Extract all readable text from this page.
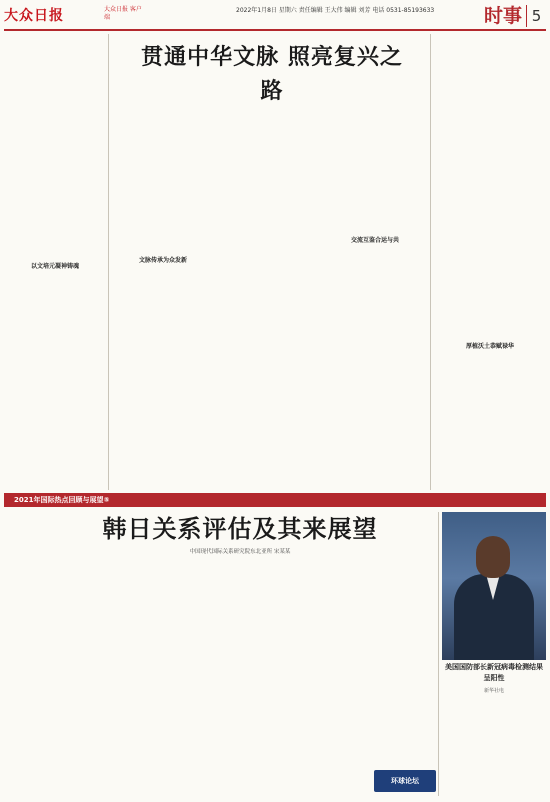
大众日报	大众日报 客户端
2022年1月8日 星期六 责任编辑 王大伟 编辑 刘芳 电话 0531-85193633	时事 5
以文培元凝神铸魂
贯通中华文脉 照亮复兴之路
文脉传承为众发新
交流互鉴合运与共
厚植沃土恭赋禄华
2021年国际热点回顾与展望⑤
韩日关系评估及其来展望
中国现代国际关系研究院东北亚所 宋某某
美国国防部长新冠病毒检测结果呈阳性
新华社电
环球论坛
